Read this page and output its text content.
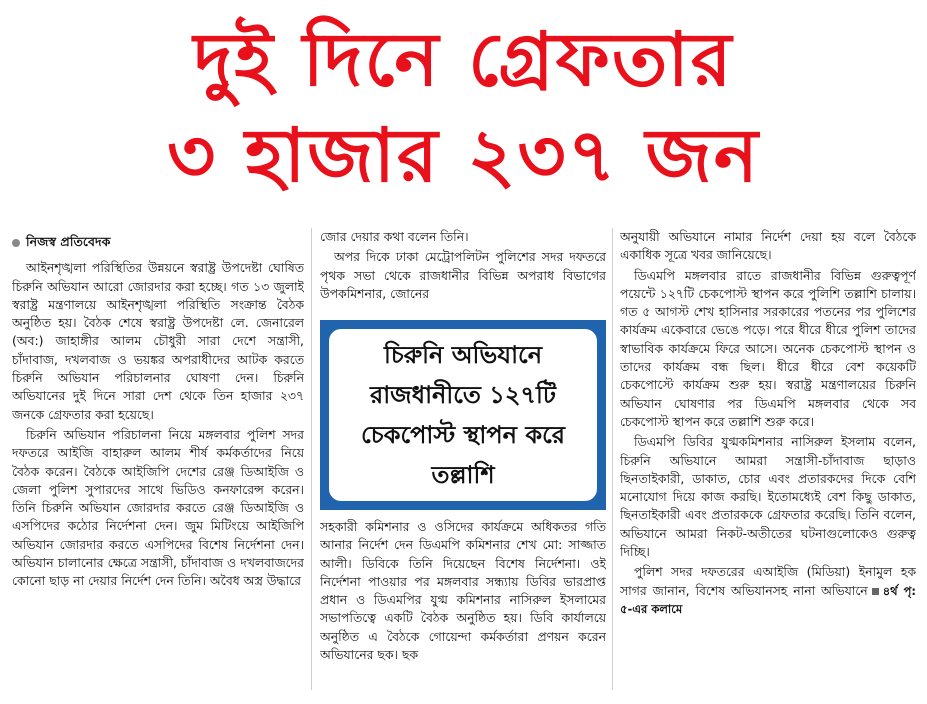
দুই দিনে গ্রেফতার
৩ হাজার ২৩৭ জন
নিজস্ব প্রতিবেদক

আইনশৃঙ্খলা পরিস্থিতির উন্নয়নে স্বরাষ্ট্র উপদেষ্টা ঘোষিত চিরুনি অভিযান আরো জোরদার করা হচ্ছে। গত ১৩ জুলাই স্বরাষ্ট্র মন্ত্রণালয়ে আইনশৃঙ্খলা পরিস্থিতি সংক্রান্ত বৈঠক অনুষ্ঠিত হয়। বৈঠক শেষে স্বরাষ্ট্র উপদেষ্টা লে. জেনারেল (অব:) জাহাঙ্গীর আলম চৌধুরী সারা দেশে সন্ত্রাসী, চাঁদাবাজ, দখলবাজ ও ভয়ঙ্কর অপরাধীদের আটক করতে চিরুনি অভিযান পরিচালনার ঘোষণা দেন। চিরুনি অভিযানের দুই দিনে সারা দেশ থেকে তিন হাজার ২৩৭ জনকে গ্রেফতার করা হয়েছে।

চিরুনি অভিযান পরিচালনা নিয়ে মঙ্গলবার পুলিশ সদর দফতরে আইজি বাহারুল আলম শীর্ষ কর্মকর্তাদের নিয়ে বৈঠক করেন। বৈঠকে আইজিপি দেশের রেঞ্জ ডিআইজি ও জেলা পুলিশ সুপারদের সাথে ভিডিও কনফারেন্স করেন। তিনি চিরুনি অভিযান জোরদার করতে রেঞ্জ ডিআইজি ও এসপিদের কঠোর নির্দেশনা দেন। জুম মিটিংয়ে আইজিপি অভিযান জোরদার করতে এসপিদের বিশেষ নির্দেশনা দেন। অভিযান চালানোর ক্ষেত্রে সন্ত্রাসী, চাঁদাবাজ ও দখলবাজদের কোনো ছাড় না দেয়ার নির্দেশ দেন তিনি। অবৈধ অস্ত্র উদ্ধারে

জোর দেয়ার কথা বলেন তিনি।

অপর দিকে ঢাকা মেট্রোপলিটন পুলিশের সদর দফতরে পৃথক সভা থেকে রাজধানীর বিভিন্ন অপরাধ বিভাগের উপকমিশনার, জোনের

চিরুনি অভিযানে রাজধানীতে ১২৭টি চেকপোস্ট স্থাপন করে তল্লাশি

সহকারী কমিশনার ও ওসিদের কার্যক্রমে অধিকতর গতি আনার নির্দেশ দেন ডিএমপি কমিশনার শেখ মো: সাজ্জাত আলী। ডিবিকে তিনি দিয়েছেন বিশেষ নির্দেশনা। ওই নির্দেশনা পাওয়ার পর মঙ্গলবার সন্ধ্যায় ডিবির ভারপ্রাপ্ত প্রধান ও ডিএমপির যুগ্ম কমিশনার নাসিরুল ইসলামের সভাপতিত্বে একটি বৈঠক অনুষ্ঠিত হয়। ডিবি কার্যালয়ে অনুষ্ঠিত এ বৈঠকে গোয়েন্দা কর্মকর্তারা প্রণয়ন করেন অভিযানের ছক। ছক

অনুযায়ী অভিযানে নামার নির্দেশ দেয়া হয় বলে বৈঠকে একাধিক সূত্রে খবর জানিয়েছে।

ডিএমপি মঙ্গলবার রাতে রাজধানীর বিভিন্ন গুরুত্বপূর্ণ পয়েন্টে ১২৭টি চেকপোস্ট স্থাপন করে পুলিশি তল্লাশি চালায়। গত ৫ আগস্ট শেখ হাসিনার সরকারের পতনের পর পুলিশের কার্যক্রম একেবারে ভেঙে পড়ে। পরে ধীরে ধীরে পুলিশ তাদের স্বাভাবিক কার্যক্রমে ফিরে আসে। অনেক চেকপোস্ট স্থাপন ও তাদের কার্যক্রম বন্ধ ছিল। ধীরে ধীরে বেশ কয়েকটি চেকপোস্টে কার্যক্রম শুরু হয়। স্বরাষ্ট্র মন্ত্রণালয়ের চিরুনি অভিযান ঘোষণার পর ডিএমপি মঙ্গলবার থেকে সব চেকপোস্ট স্থাপন করে তল্লাশি শুরু করে।

ডিএমপি ডিবির যুগ্মকমিশনার নাসিরুল ইসলাম বলেন, চিরুনি অভিযানে আমরা সন্ত্রাসী-চাঁদাবাজ ছাড়াও ছিনতাইকারী, ডাকাত, চোর এবং প্রতারকদের দিকে বেশি মনোযোগ দিয়ে কাজ করছি। ইতোমধ্যেই বেশ কিছু ডাকাত, ছিনতাইকারী এবং প্রতারককে গ্রেফতার করেছি। তিনি বলেন, অভিযানে আমরা নিকট-অতীতের ঘটনাগুলোকেও গুরুত্ব দিচ্ছি।

পুলিশ সদর দফতরের এআইজি (মিডিয়া) ইনামুল হক সাগর জানান, বিশেষ অভিযানসহ নানা অভিযানে ৪র্থ পৃ: ৫-এর কলামে
